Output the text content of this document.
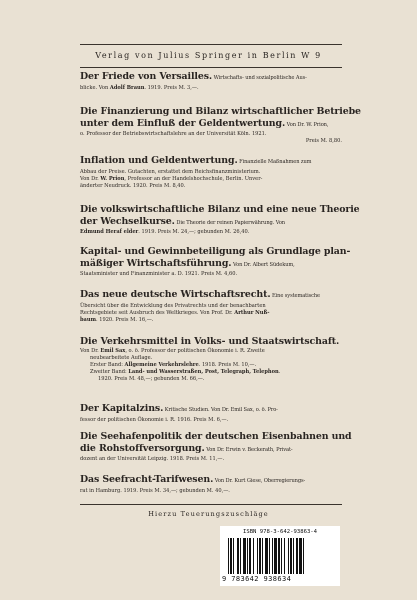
Verlag von Julius Springer in Berlin W 9
Der Friede von Versailles. Wirtschafts- und sozialpolitische Aus-
blicke. Von Adolf Braun. 1919. Preis M. 3,—.
Die Finanzierung und Bilanz wirtschaftlicher Betriebe
unter dem Einfluß der Geldentwertung. Von Dr. W. Prion,
o. Professor der Betriebswirtschaftslehre an der Universität Köln. 1921.
Preis M. 8,80.
Inflation und Geldentwertung. Finanzielle Maßnahmen zum
Abbau der Preise. Gutachten, erstattet dem Reichsfinanzministerium.
Von Dr. W. Prion, Professor an der Handelshochschule, Berlin. Unver-
änderter Neudruck. 1920. Preis M. 8,40.
Die volkswirtschaftliche Bilanz und eine neue Theorie
der Wechselkurse. Die Theorie der reinen Papierwährung. Von
Edmund Heraf elder. 1919. Preis M. 24,—; gebunden M. 26,40.
Kapital- und Gewinnbeteiligung als Grundlage plan-
mäßiger Wirtschaftsführung. Von Dr. Albert Südekum,
Staatsminister und Finanzminister a. D. 1921. Preis M. 4,60.
Das neue deutsche Wirtschaftsrecht. Eine systematische
Übersicht über die Entwicklung des Privatrechts und der benachbarten
Rechtsgebiete seit Ausbruch des Weltkrieges. Von Prof. Dr. Arthur Nuß-
baum. 1920. Preis M. 16,—.
Die Verkehrsmittel in Volks- und Staatswirtschaft.
Von Dr. Emil Sax, o. ö. Professor der politischen Ökonomie i. R. Zweite
neubearbeitete Auflage.
Erster Band: Allgemeine Verkehrslehre. 1918. Preis M. 10,—.
Zweiter Band: Land- und Wasserstraßen, Post, Telegraph, Telephon.
1920. Preis M. 48,—; gebunden M. 66,—.
Der Kapitalzins. Kritische Studien. Von Dr. Emil Sax, o. ö. Pro-
fessor der politischen Ökonomie i. R. 1916. Preis M. 6,—.
Die Seehafenpolitik der deutschen Eisenbahnen und
die Rohstoffversorgung. Von Dr. Erwin v. Beckerath, Privat-
dozent an der Universität Leipzig. 1918. Preis M. 11,—.
Das Seefracht-Tarifwesen. Von Dr. Kurt Giese, Oberregierungs-
rat in Hamburg. 1919. Preis M. 34,—; gebunden M. 40,—.
Hierzu Teuerungszuschläge
ISBN 978-3-642-93863-4
9 783642 938634
